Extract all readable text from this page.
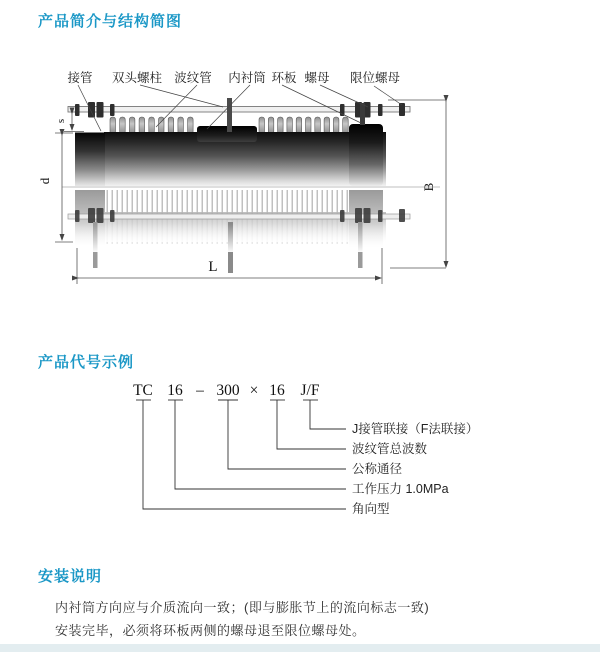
产品简介与结构简图
s
d
B
L
接管 双头螺柱 波纹管 内衬筒 环板 螺母 限位螺母
产品代号示例
TC 16 – 300 × 16 J/F
J接管联接（F法联接）
波纹管总波数
公称通径
工作压力 1.0MPa
角向型
安装说明
内衬筒方向应与介质流向一致；(即与膨胀节上的流向标志一致)
安装完毕，必须将环板两侧的螺母退至限位螺母处。
